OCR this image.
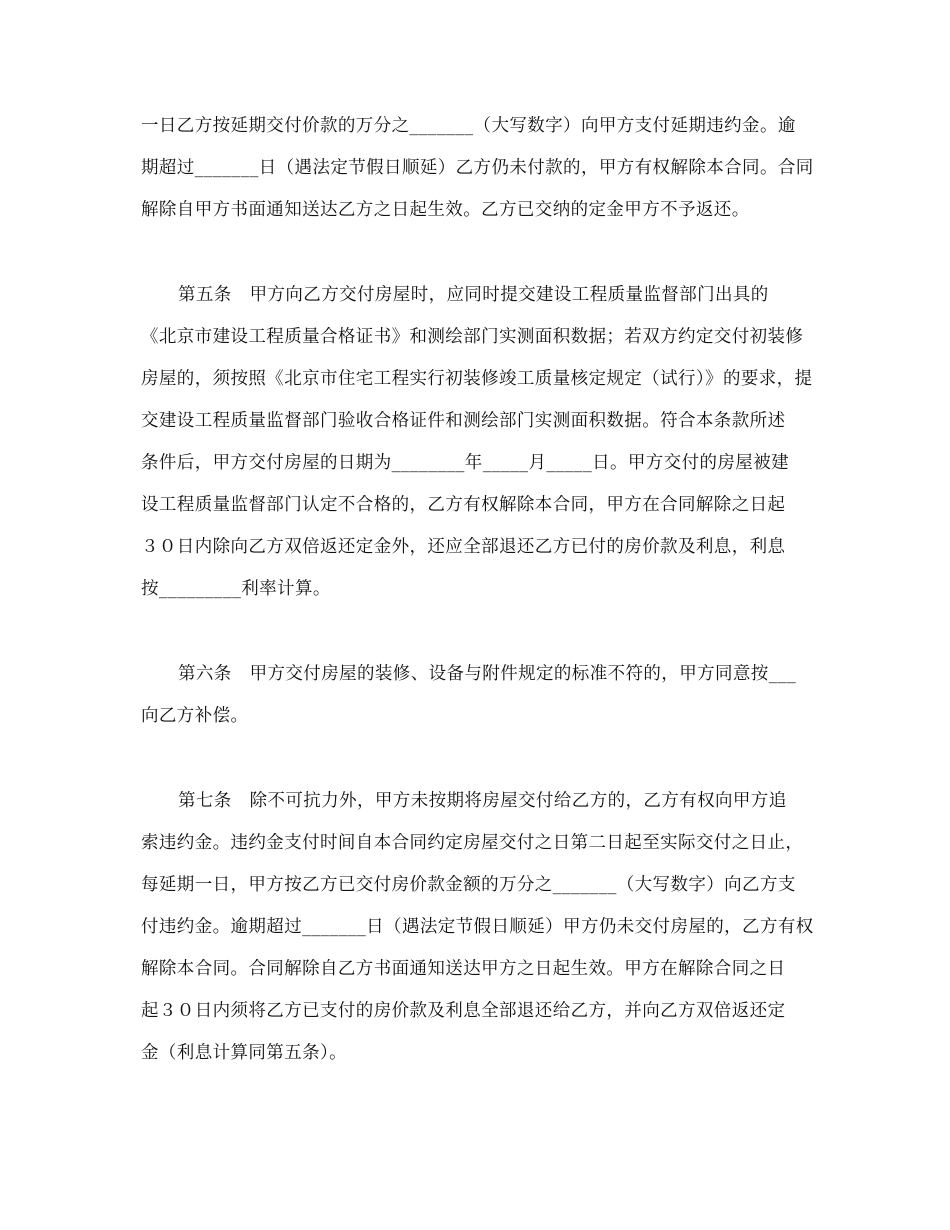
一日乙方按延期交付价款的万分之_______（大写数字）向甲方支付延期违约金。逾
期超过_______日（遇法定节假日顺延）乙方仍未付款的，甲方有权解除本合同。合同
解除自甲方书面通知送达乙方之日起生效。乙方已交纳的定金甲方不予返还。
第五条　甲方向乙方交付房屋时，应同时提交建设工程质量监督部门出具的
《北京市建设工程质量合格证书》和测绘部门实测面积数据；若双方约定交付初装修
房屋的，须按照《北京市住宅工程实行初装修竣工质量核定规定（试行）》的要求，提
交建设工程质量监督部门验收合格证件和测绘部门实测面积数据。符合本条款所述
条件后，甲方交付房屋的日期为________年_____月_____日。甲方交付的房屋被建
设工程质量监督部门认定不合格的，乙方有权解除本合同，甲方在合同解除之日起
３０日内除向乙方双倍返还定金外，还应全部退还乙方已付的房价款及利息，利息
按_________利率计算。
第六条　甲方交付房屋的装修、设备与附件规定的标准不符的，甲方同意按___
向乙方补偿。
第七条　除不可抗力外，甲方未按期将房屋交付给乙方的，乙方有权向甲方追
索违约金。违约金支付时间自本合同约定房屋交付之日第二日起至实际交付之日止，
每延期一日，甲方按乙方已交付房价款金额的万分之_______（大写数字）向乙方支
付违约金。逾期超过_______日（遇法定节假日顺延）甲方仍未交付房屋的，乙方有权
解除本合同。合同解除自乙方书面通知送达甲方之日起生效。甲方在解除合同之日
起３０日内须将乙方已支付的房价款及利息全部退还给乙方，并向乙方双倍返还定
金（利息计算同第五条）。
